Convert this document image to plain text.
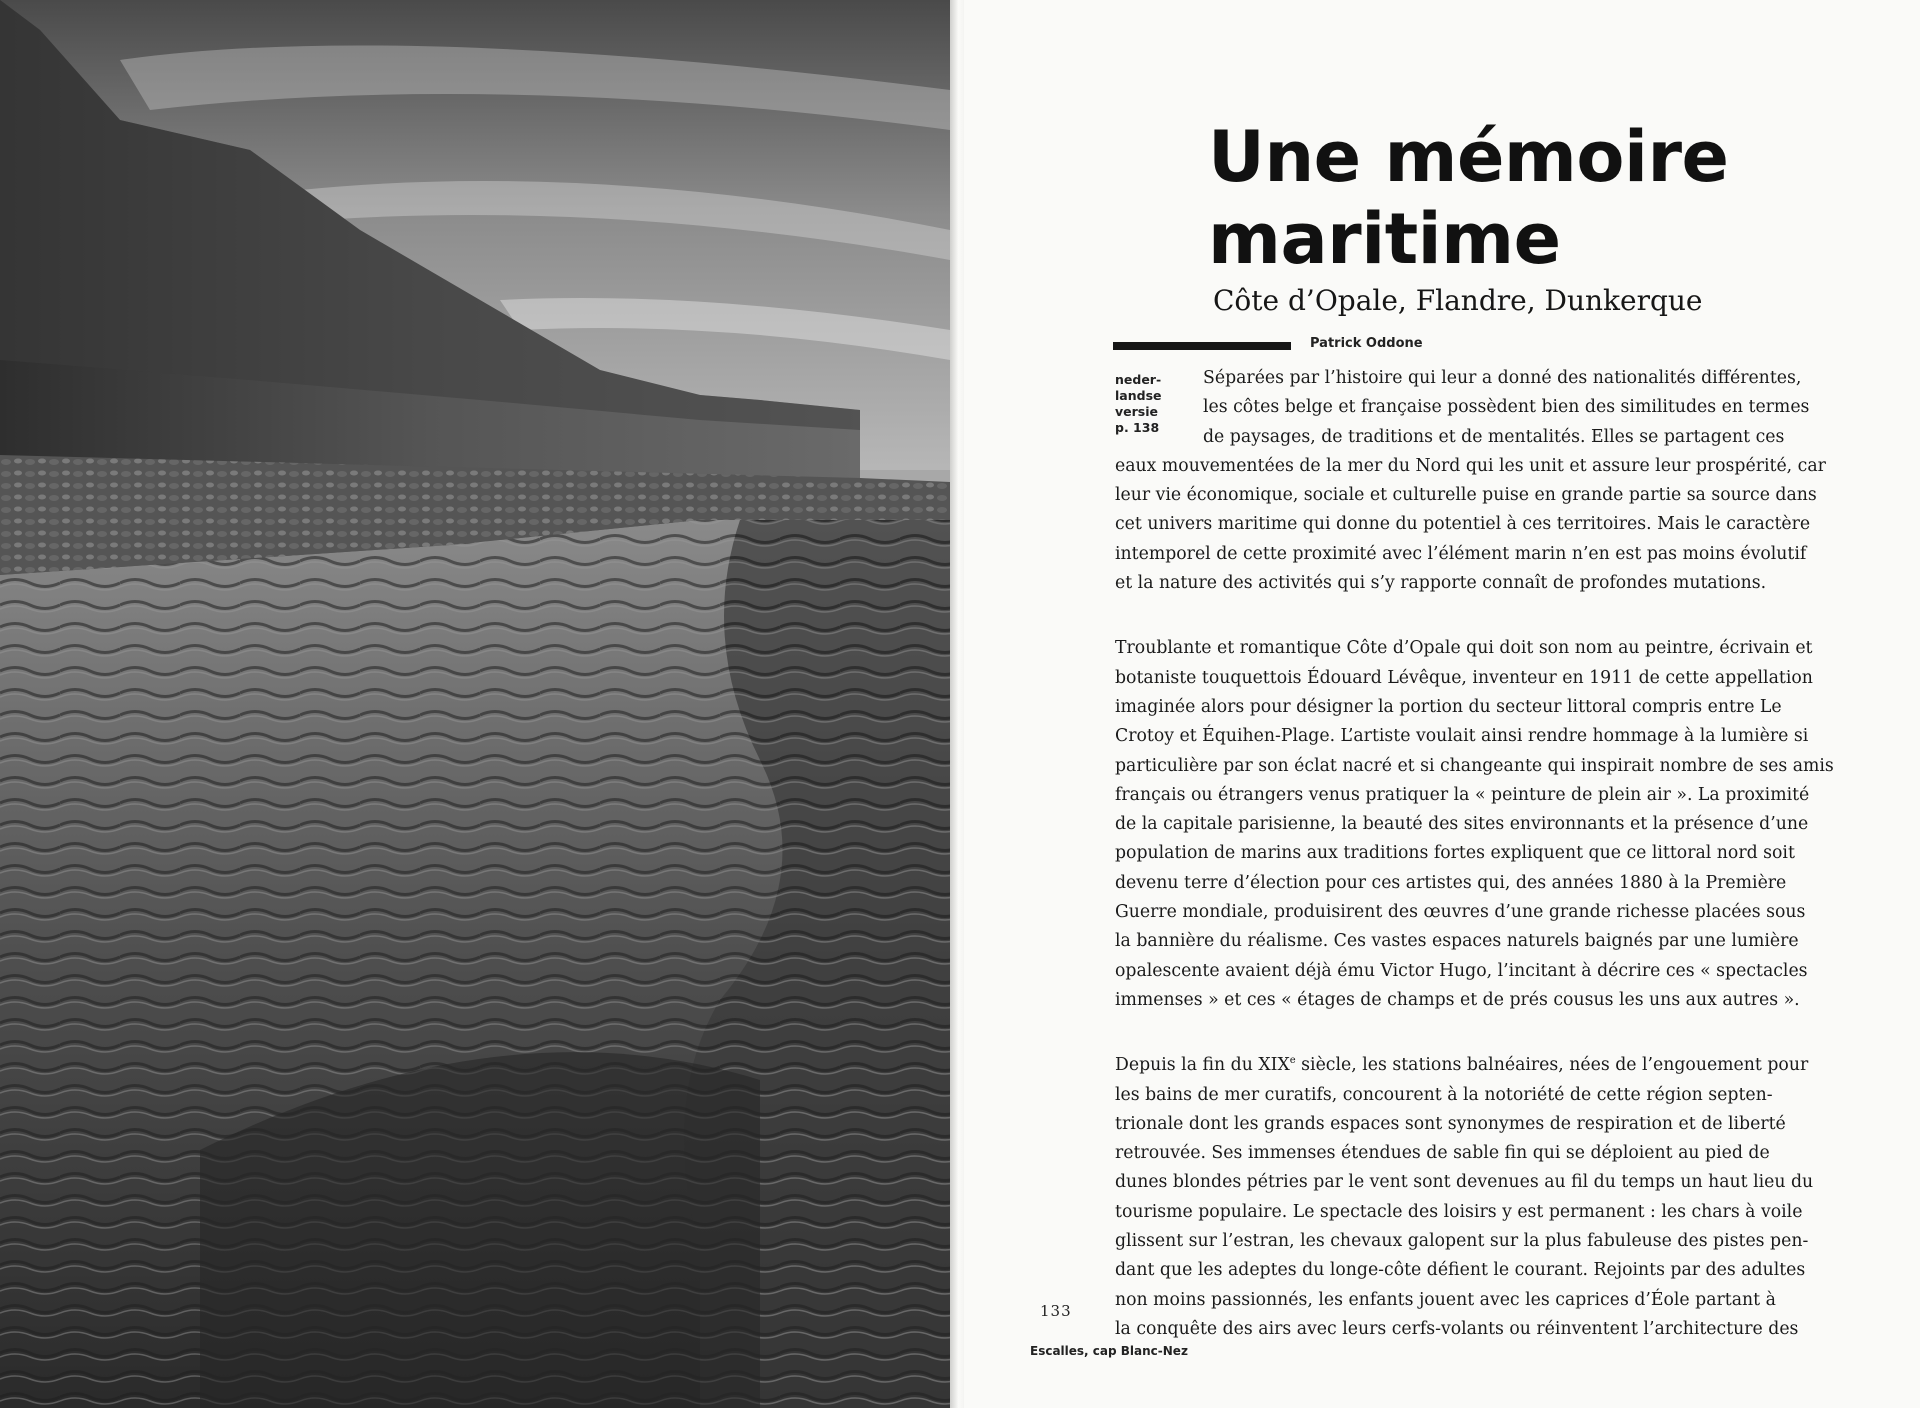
Une mémoire
maritime
Côte d’Opale, Flandre, Dunkerque
Patrick Oddone
neder-
landse
versie
p. 138
Séparées par l’histoire qui leur a donné des nationalités différentes,
les côtes belge et française possèdent bien des similitudes en termes
de paysages, de traditions et de mentalités. Elles se partagent ces
eaux mouvementées de la mer du Nord qui les unit et assure leur prospérité, car
leur vie économique, sociale et culturelle puise en grande partie sa source dans
cet univers maritime qui donne du potentiel à ces territoires. Mais le caractère
intemporel de cette proximité avec l’élément marin n’en est pas moins évolutif
et la nature des activités qui s’y rapporte connaît de profondes mutations.
Troublante et romantique Côte d’Opale qui doit son nom au peintre, écrivain et
botaniste touquettois Édouard Lévêque, inventeur en 1911 de cette appellation
imaginée alors pour désigner la portion du secteur littoral compris entre Le
Crotoy et Équihen-Plage. L’artiste voulait ainsi rendre hommage à la lumière si
particulière par son éclat nacré et si changeante qui inspirait nombre de ses amis
français ou étrangers venus pratiquer la « peinture de plein air ». La proximité
de la capitale parisienne, la beauté des sites environnants et la présence d’une
population de marins aux traditions fortes expliquent que ce littoral nord soit
devenu terre d’élection pour ces artistes qui, des années 1880 à la Première
Guerre mondiale, produisirent des œuvres d’une grande richesse placées sous
la bannière du réalisme. Ces vastes espaces naturels baignés par une lumière
opalescente avaient déjà ému Victor Hugo, l’incitant à décrire ces « spectacles
immenses » et ces « étages de champs et de prés cousus les uns aux autres ».
Depuis la fin du XIXe siècle, les stations balnéaires, nées de l’engouement pour
les bains de mer curatifs, concourent à la notoriété de cette région septen-
trionale dont les grands espaces sont synonymes de respiration et de liberté
retrouvée. Ses immenses étendues de sable fin qui se déploient au pied de
dunes blondes pétries par le vent sont devenues au fil du temps un haut lieu du
tourisme populaire. Le spectacle des loisirs y est permanent : les chars à voile
glissent sur l’estran, les chevaux galopent sur la plus fabuleuse des pistes pen-
dant que les adeptes du longe-côte défient le courant. Rejoints par des adultes
non moins passionnés, les enfants jouent avec les caprices d’Éole partant à
la conquête des airs avec leurs cerfs-volants ou réinventent l’architecture des
133
Escalles, cap Blanc-Nez
